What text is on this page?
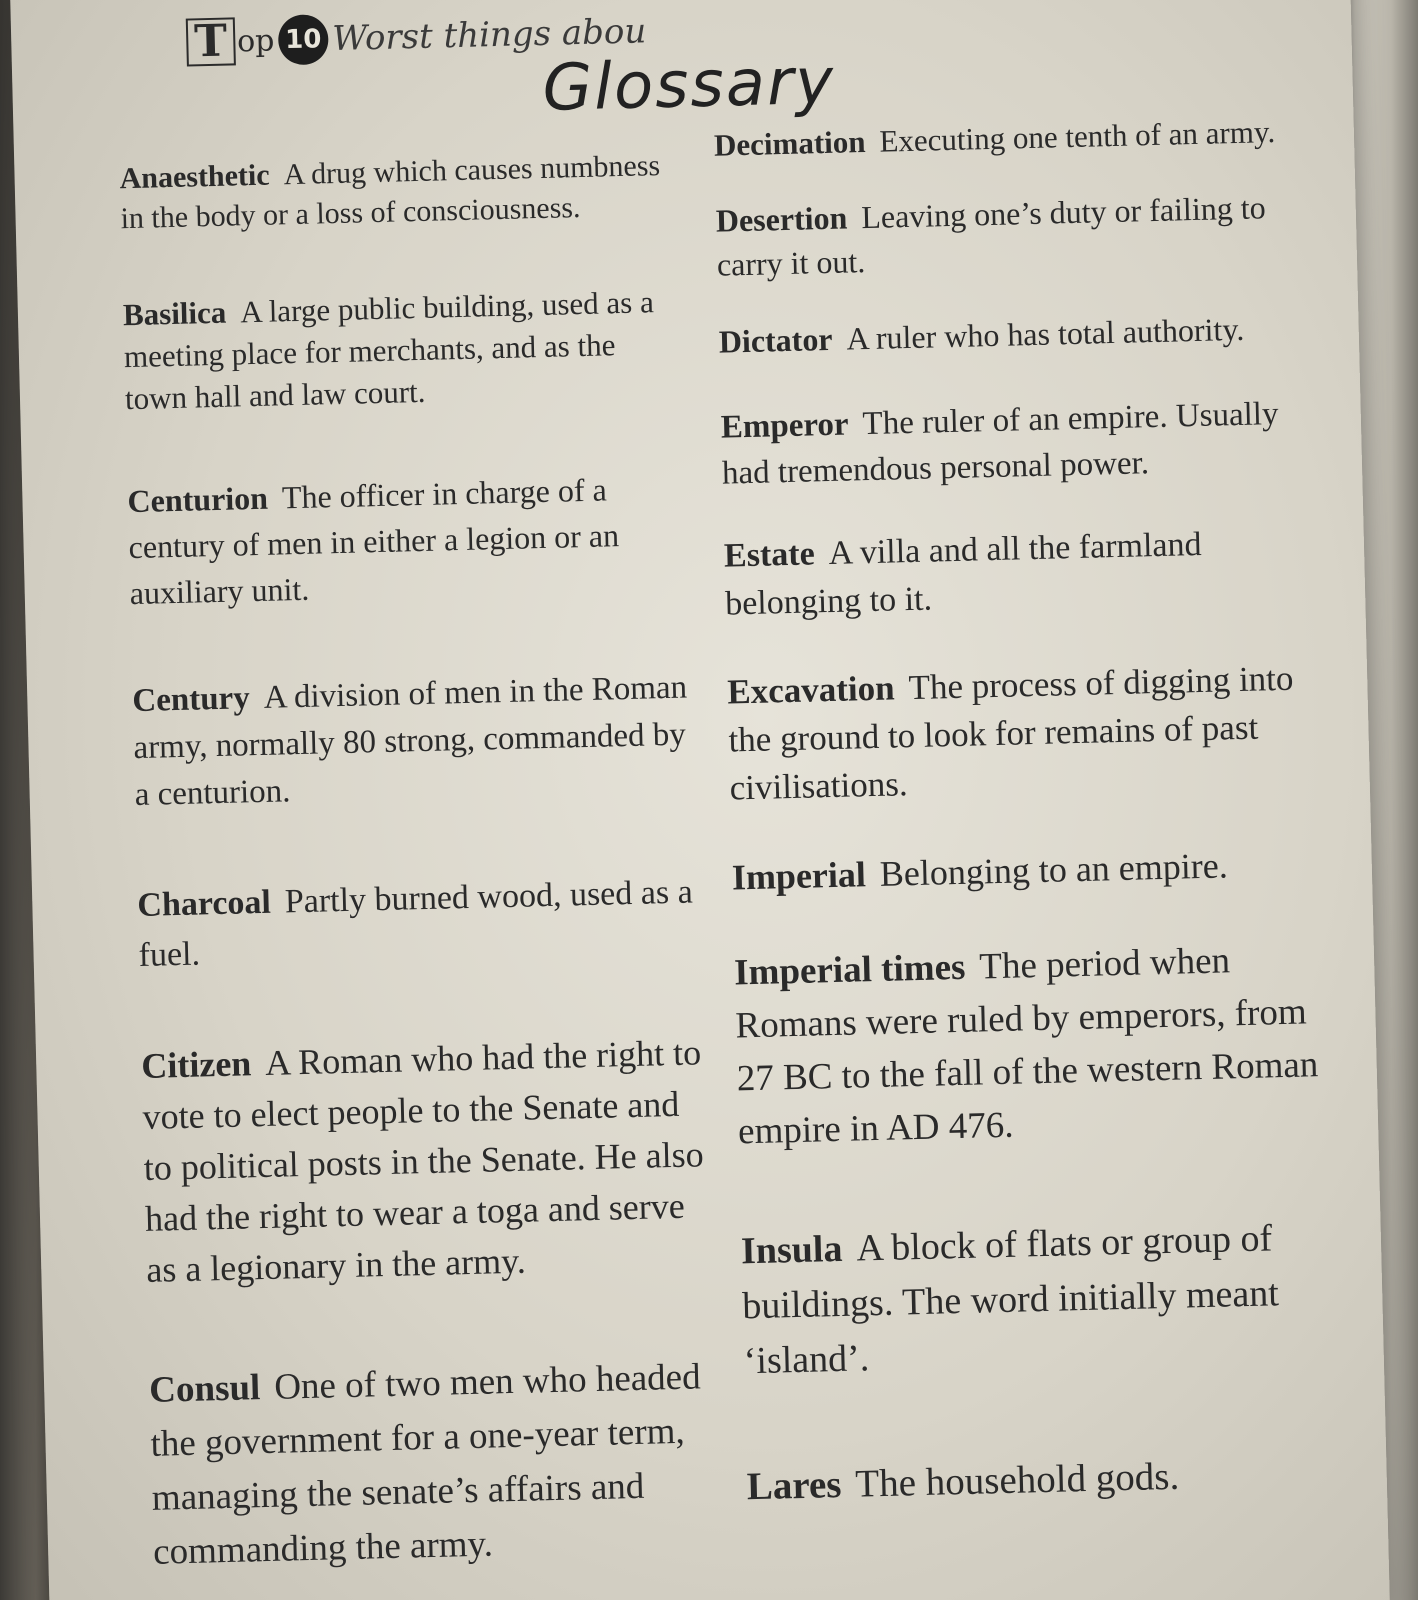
T op 10 Worst things abou
Glossary

Anaesthetic A drug which causes numbness in the body or a loss of consciousness.

Basilica A large public building, used as a meeting place for merchants, and as the town hall and law court.

Centurion The officer in charge of a century of men in either a legion or an auxiliary unit.

Century A division of men in the Roman army, normally 80 strong, commanded by a centurion.

Charcoal Partly burned wood, used as a fuel.

Citizen A Roman who had the right to vote to elect people to the Senate and to political posts in the Senate. He also had the right to wear a toga and serve as a legionary in the army.

Consul One of two men who headed the government for a one-year term, managing the senate’s affairs and commanding the army.

Decimation Executing one tenth of an army.

Desertion Leaving one’s duty or failing to carry it out.

Dictator A ruler who has total authority.

Emperor The ruler of an empire. Usually had tremendous personal power.

Estate A villa and all the farmland belonging to it.

Excavation The process of digging into the ground to look for remains of past civilisations.

Imperial Belonging to an empire.

Imperial times The period when Romans were ruled by emperors, from 27 BC to the fall of the western Roman empire in AD 476.

Insula A block of flats or group of buildings. The word initially meant ‘island’.

Lares The household gods.
